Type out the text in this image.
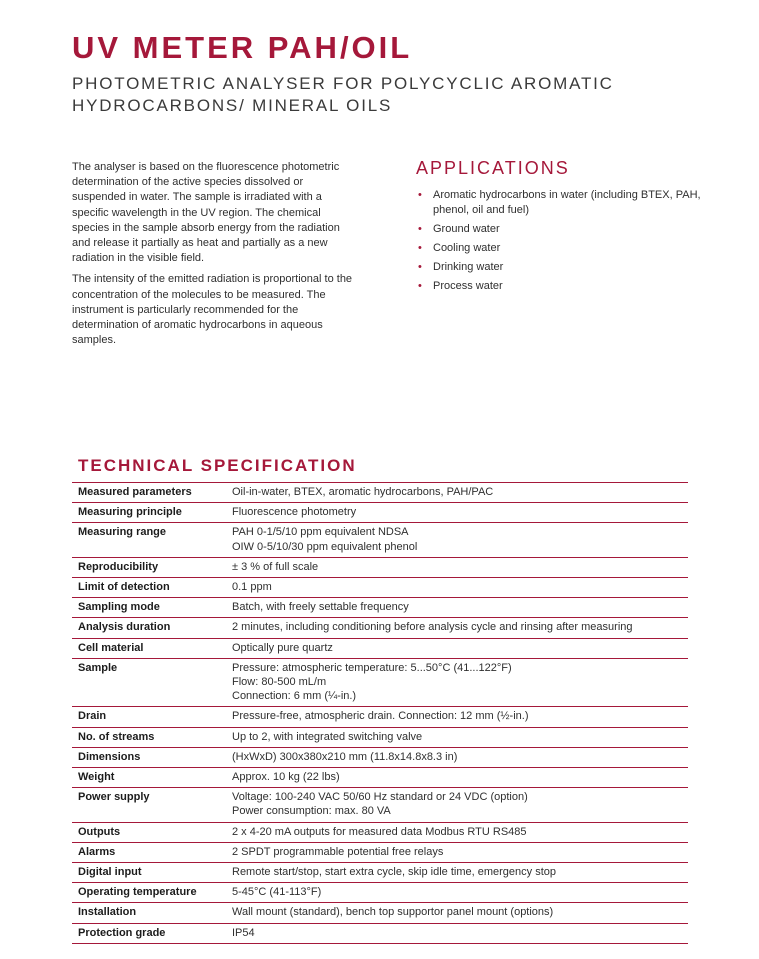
UV METER PAH/OIL

PHOTOMETRIC ANALYSER FOR POLYCYCLIC AROMATIC HYDROCARBONS/ MINERAL OILS

The analyser is based on the fluorescence photometric determination of the active species dissolved or suspended in water. The sample is irradiated with a specific wavelength in the UV region. The chemical species in the sample absorb energy from the radiation and release it partially as heat and partially as a new radiation in the visible field.

The intensity of the emitted radiation is proportional to the concentration of the molecules to be measured. The instrument is particularly recommended for the determination of aromatic hydrocarbons in aqueous samples.

APPLICATIONS
• Aromatic hydrocarbons in water (including BTEX, PAH, phenol, oil and fuel)
• Ground water
• Cooling water
• Drinking water
• Process water
TECHNICAL SPECIFICATION
Measured parameters	Oil-in-water, BTEX, aromatic hydrocarbons, PAH/PAC

Measuring principle	Fluorescence photometry

Measuring range	PAH 0-1/5/10 ppm equivalent NDSA
OIW 0-5/10/30 ppm equivalent phenol

Reproducibility	± 3 % of full scale

Limit of detection	0.1 ppm

Sampling mode	Batch, with freely settable frequency

Analysis duration	2 minutes, including conditioning before analysis cycle and rinsing after measuring

Cell material	Optically pure quartz

Sample	Pressure: atmospheric temperature: 5...50°C (41...122°F)
Flow: 80-500 mL/m
Connection: 6 mm (¼-in.)

Drain	Pressure-free, atmospheric drain. Connection: 12 mm (½-in.)

No. of streams	Up to 2, with integrated switching valve

Dimensions	(HxWxD) 300x380x210 mm (11.8x14.8x8.3 in)

Weight	Approx. 10 kg (22 lbs)

Power supply	Voltage: 100-240 VAC 50/60 Hz standard or 24 VDC (option)
Power consumption: max. 80 VA

Outputs	2 x 4-20 mA outputs for measured data Modbus RTU RS485

Alarms	2 SPDT programmable potential free relays

Digital input	Remote start/stop, start extra cycle, skip idle time, emergency stop

Operating temperature	5-45°C (41-113°F)

Installation	Wall mount (standard), bench top supportor panel mount (options)

Protection grade	IP54
